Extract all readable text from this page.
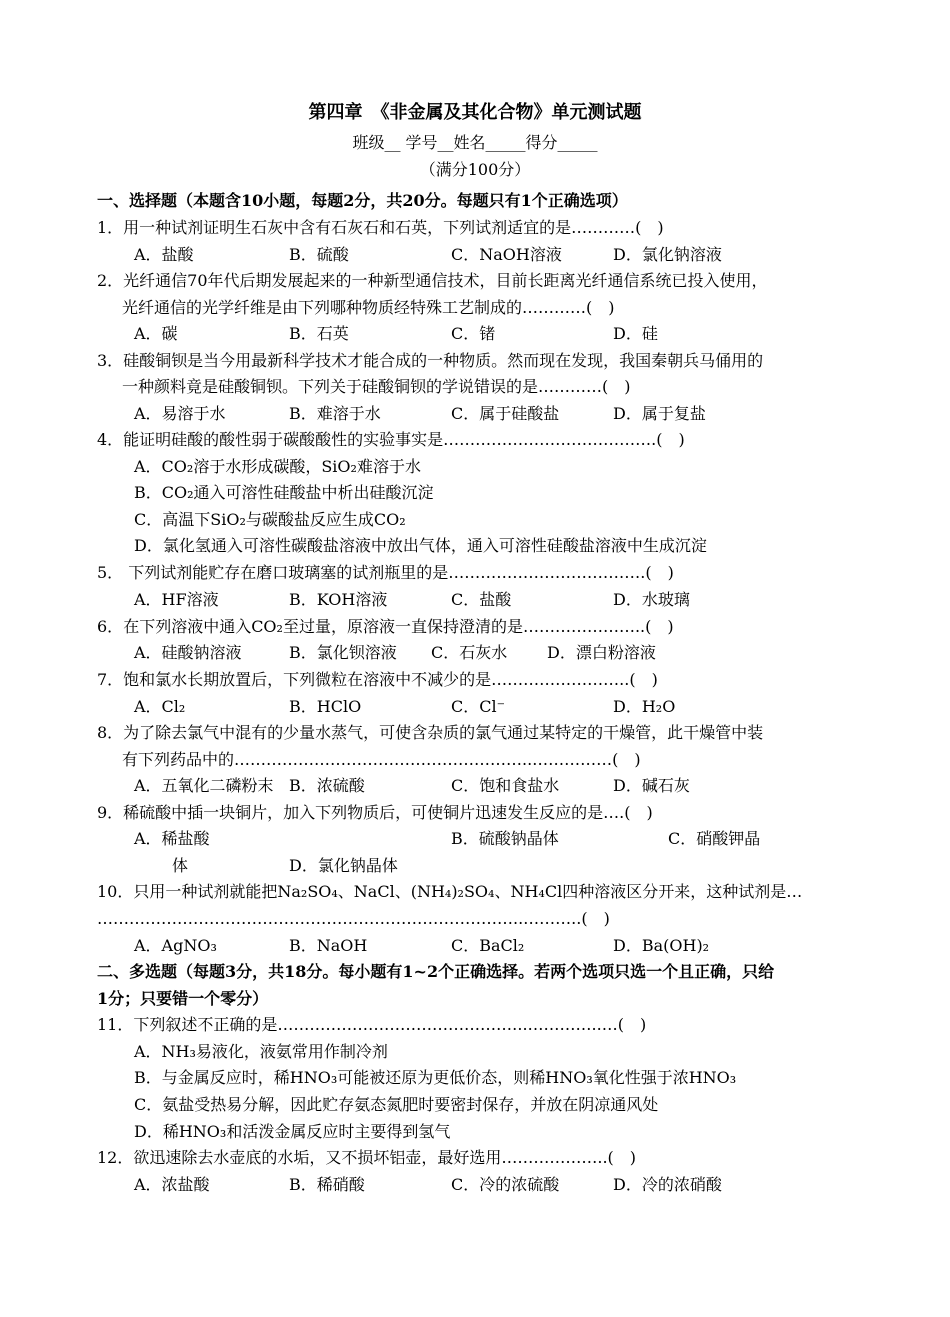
第四章　《非金属及其化合物》单元测试题
班级__ 学号__姓名_____得分_____
（满分100分）
一、选择题（本题含10小题，每题2分，共20分。每题只有1个正确选项）
1．用一种试剂证明生石灰中含有石灰石和石英，下列试剂适宜的是…………(　)
A．盐酸	B．硫酸	C．NaOH溶液	D．氯化钠溶液
2．光纤通信70年代后期发展起来的一种新型通信技术，目前长距离光纤通信系统已投入使用，
光纤通信的光学纤维是由下列哪种物质经特殊工艺制成的…………(　)
A．碳	B．石英	C．锗	D．硅
3．硅酸铜钡是当今用最新科学技术才能合成的一种物质。然而现在发现，我国秦朝兵马俑用的
一种颜料竟是硅酸铜钡。下列关于硅酸铜钡的学说错误的是…………(　)
A．易溶于水	B．难溶于水	C．属于硅酸盐	D．属于复盐
4．能证明硅酸的酸性弱于碳酸酸性的实验事实是………………………………….(　)
A．CO₂溶于水形成碳酸，SiO₂难溶于水
B．CO₂通入可溶性硅酸盐中析出硅酸沉淀
C．高温下SiO₂与碳酸盐反应生成CO₂
D．氯化氢通入可溶性碳酸盐溶液中放出气体，通入可溶性硅酸盐溶液中生成沉淀
5． 下列试剂能贮存在磨口玻璃塞的试剂瓶里的是……………………………….(　)
A．HF溶液	B．KOH溶液	C．盐酸	D．水玻璃
6．在下列溶液中通入CO₂至过量，原溶液一直保持澄清的是…………………..(　)
A．硅酸钠溶液	B．氯化钡溶液	C．石灰水	D．漂白粉溶液
7．饱和氯水长期放置后，下列微粒在溶液中不减少的是……………………..(　)
A．Cl₂	B．HClO	C．Cl⁻	D．H₂O
8．为了除去氯气中混有的少量水蒸气，可使含杂质的氯气通过某特定的干燥管，此干燥管中装
有下列药品中的………………………………………………..……………(　)
A．五氧化二磷粉末 B．浓硫酸	C．饱和食盐水	D．碱石灰
9．稀硫酸中插一块铜片，加入下列物质后，可使铜片迅速发生反应的是….(　)
A．稀盐酸	B．硫酸钠晶体	C．硝酸钾晶
体	D．氯化钠晶体
10．只用一种试剂就能把Na₂SO₄、NaCl、(NH₄)₂SO₄、NH₄Cl四种溶液区分开来，这种试剂是…
……………………………………………………………………..………..(　)
A．AgNO₃	B．NaOH	C．BaCl₂	D．Ba(OH)₂
二、多选题（每题3分，共18分。每小题有1~2个正确选择。若两个选项只选一个且正确，只给
1分；只要错一个零分）
11．下列叙述不正确的是………………………………………..…………..…(　)
A．NH₃易液化，液氨常用作制冷剂
B．与金属反应时，稀HNO₃可能被还原为更低价态，则稀HNO₃氧化性强于浓HNO₃
C．氨盐受热易分解，因此贮存氨态氮肥时要密封保存，并放在阴凉通风处
D．稀HNO₃和活泼金属反应时主要得到氢气
12．欲迅速除去水壶底的水垢，又不损坏铝壶，最好选用………………..(　)
A．浓盐酸	B．稀硝酸	C．冷的浓硫酸	D．冷的浓硝酸
